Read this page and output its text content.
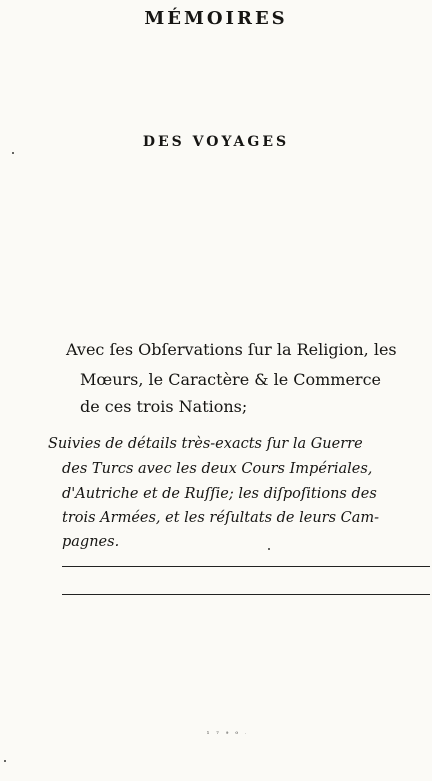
MÉMOIRES
DES VOYAGES
Avec ſes Obſervations ſur la Religion, les
Mœurs, le Caractère & le Commerce
de ces trois Nations;
Suivies de détails très-exacts ſur la Guerre
des Turcs avec les deux Cours Impériales,
d'Autriche et de Ruſſie; les diſpoſitions des
trois Armées, et les réſultats de leurs Cam-
pagnes.
1790.
